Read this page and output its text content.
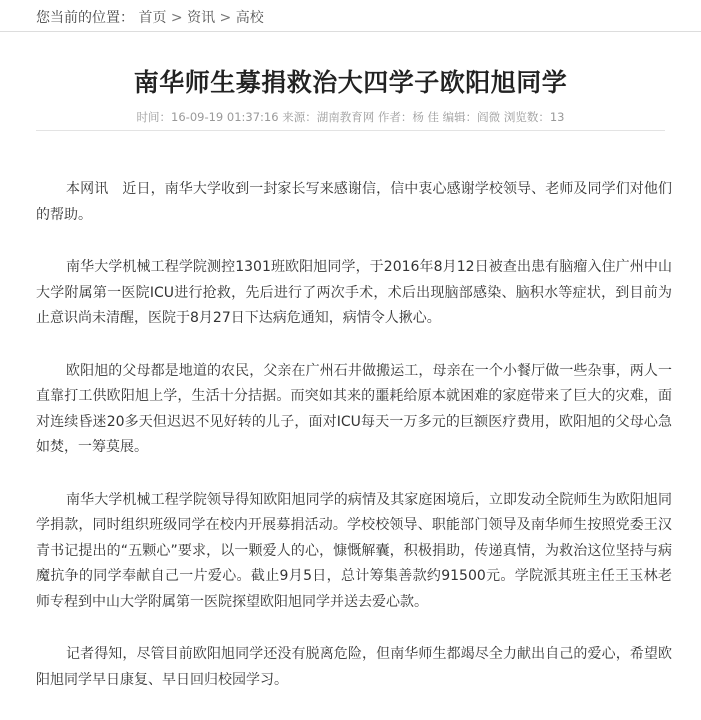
您当前的位置： 首页 > 资讯 > 高校
南华师生募捐救治大四学子欧阳旭同学
时间：16-09-19 01:37:16 来源：湖南教育网 作者：杨 佳 编辑：阎微 浏览数：13

本网讯　近日，南华大学收到一封家长写来感谢信，信中衷心感谢学校领导、老师及同学们对他们的帮助。

南华大学机械工程学院测控1301班欧阳旭同学，于2016年8月12日被查出患有脑瘤入住广州中山大学附属第一医院ICU进行抢救，先后进行了两次手术，术后出现脑部感染、脑积水等症状，到目前为止意识尚未清醒，医院于8月27日下达病危通知，病情令人揪心。

欧阳旭的父母都是地道的农民，父亲在广州石井做搬运工，母亲在一个小餐厅做一些杂事，两人一直靠打工供欧阳旭上学，生活十分拮据。而突如其来的噩耗给原本就困难的家庭带来了巨大的灾难，面对连续昏迷20多天但迟迟不见好转的儿子，面对ICU每天一万多元的巨额医疗费用，欧阳旭的父母心急如焚，一筹莫展。

南华大学机械工程学院领导得知欧阳旭同学的病情及其家庭困境后，立即发动全院师生为欧阳旭同学捐款，同时组织班级同学在校内开展募捐活动。学校校领导、职能部门领导及南华师生按照党委王汉青书记提出的“五颗心”要求，以一颗爱人的心，慷慨解囊，积极捐助，传递真情，为救治这位坚持与病魔抗争的同学奉献自己一片爱心。截止9月5日，总计筹集善款约91500元。学院派其班主任王玉林老师专程到中山大学附属第一医院探望欧阳旭同学并送去爱心款。

记者得知，尽管目前欧阳旭同学还没有脱离危险，但南华师生都竭尽全力献出自己的爱心，希望欧阳旭同学早日康复、早日回归校园学习。
